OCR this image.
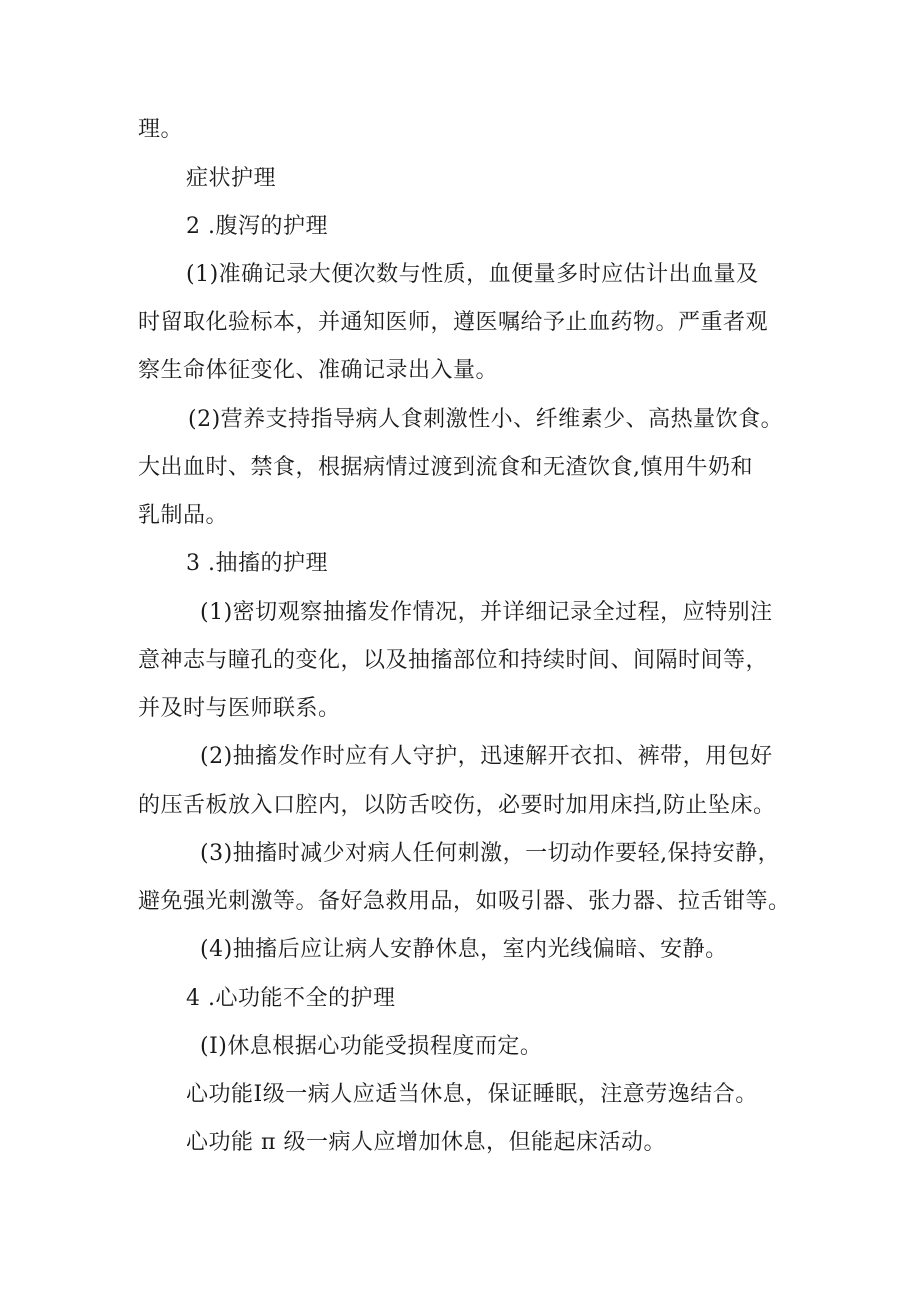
理。
症状护理
2 .腹泻的护理
(1)准确记录大便次数与性质，血便量多时应估计出血量及
时留取化验标本，并通知医师，遵医嘱给予止血药物。严重者观
察生命体征变化、准确记录出入量。
(2)营养支持指导病人食刺激性小、纤维素少、高热量饮食。
大出血时、禁食，根据病情过渡到流食和无渣饮食,慎用牛奶和
乳制品。
3 .抽搐的护理
(1)密切观察抽搐发作情况，并详细记录全过程，应特别注
意神志与瞳孔的变化，以及抽搐部位和持续时间、间隔时间等，
并及时与医师联系。
(2)抽搐发作时应有人守护，迅速解开衣扣、裤带，用包好
的压舌板放入口腔内，以防舌咬伤，必要时加用床挡,防止坠床。
(3)抽搐时减少对病人任何刺激，一切动作要轻,保持安静，
避免强光刺激等。备好急救用品，如吸引器、张力器、拉舌钳等。
(4)抽搐后应让病人安静休息，室内光线偏暗、安静。
4 .心功能不全的护理
(I)休息根据心功能受损程度而定。
心功能Ⅰ级一病人应适当休息，保证睡眠，注意劳逸结合。
心功能 π 级一病人应增加休息，但能起床活动。
